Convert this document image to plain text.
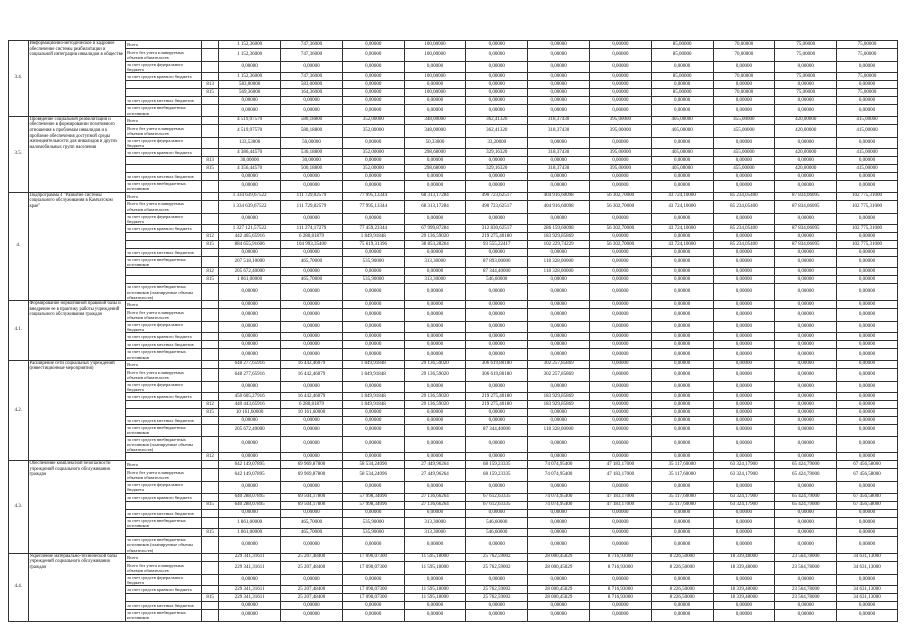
3.4.	Информационно-методическое и кадровое обеспечение системы реабилитации и социальной интеграции инвалидов в обществе	Всего		1 152,36000	747,36000	0,00000	100,00000	0,00000	0,00000	0,00000	85,00000	70,00000	75,00000	75,00000
		Всего без учета планируемых объемов обязательств		1 152,36000	747,36000	0,00000	100,00000	0,00000	0,00000	0,00000	85,00000	70,00000	75,00000	75,00000
		за счет средств федерального бюджета		0,00000	0,00000	0,00000	0,00000	0,00000	0,00000	0,00000	0,00000	0,00000	0,00000	0,00000
		за счет средств краевого бюджета		1 152,36000	747,36000	0,00000	100,00000	0,00000	0,00000	0,00000	85,00000	70,00000	75,00000	75,00000
			813	583,00000	583,00000	0,00000	0,00000	0,00000	0,00000	0,00000	0,00000	0,00000	0,00000	0,00000
			815	569,36000	164,36000	0,00000	100,00000	0,00000	0,00000	0,00000	85,00000	70,00000	75,00000	75,00000
		за счет средств местных бюджетов		0,00000	0,00000	0,00000	0,00000	0,00000	0,00000	0,00000	0,00000	0,00000	0,00000	0,00000
		за счет средств внебюджетных источников		0,00000	0,00000	0,00000	0,00000	0,00000	0,00000	0,00000	0,00000	0,00000	0,00000	0,00000
3.5.	Проведение социальной реабилитации и обеспечение в формировании позитивного отношения к проблемам инвалидов и к проблеме обеспечения доступной среды жизнедеятельности для инвалидов и других маломобильных групп населения	Всего		4 519,97570	580,18800	352,00000	348,00000	362,41320	318,37430	395,00000	405,00000	455,00000	420,00000	415,00000
		Всего без учета планируемых объемов обязательств		4 519,97570	580,18800	352,00000	348,00000	362,41320	318,37430	395,00000	405,00000	455,00000	420,00000	415,00000
		за счет средств федерального бюджета		133,53000	50,00000	0,00000	50,33000	33,20000	0,00000	0,00000	0,00000	0,00000	0,00000	0,00000
		за счет средств краевого бюджета		4 386,44570	530,18800	352,00000	298,68000	329,16320	318,37430	395,00000	405,00000	455,00000	420,00000	415,00000
			813	30,00000	30,00000	0,00000	0,00000	0,00000	0,00000	0,00000	0,00000	0,00000	0,00000	0,00000
			815	4 356,44570	500,18800	352,00000	298,68000	329,16320	318,37430	395,00000	405,00000	455,00000	420,00000	415,00000
		за счет средств местных бюджетов		0,00000	0,00000	0,00000	0,00000	0,00000	0,00000	0,00000	0,00000	0,00000	0,00000	0,00000
		за счет средств внебюджетных источников		0,00000	0,00000	0,00000	0,00000	0,00000	0,00000	0,00000	0,00000	0,00000	0,00000	0,00000
4.	Подпрограмма 4 "Развитие системы социального обслуживания в Камчатском крае"	Всего		1 334 639,67522	111 729,02579	77 995,13344	68 313,17284	490 723,62517	404 916,60098	56 302,70000	43 724,10000	85 234,05400	87 834,06095	102 775,31000
		Всего без учета планируемых объемов обязательств		1 334 639,67522	111 729,02579	77 995,13344	68 313,17284	490 723,62517	404 916,60098	56 302,70000	43 724,10000	85 234,05400	87 834,06095	102 775,31000
		за счет средств федерального бюджета		0,00000	0,00000	0,00000	0,00000	0,00000	0,00000	0,00000	0,00000	0,00000	0,00000	0,00000
		за счет средств краевого бюджета		1 327 121,57522	111 274,17279	77 459,23344	67 999,87284	312 830,62517	286 159,60098	56 302,70000	43 724,10000	85 234,05400	87 834,06095	102 775,31000
			812	442 465,65916	6 280,81879	1 849,91848	29 136,59020	219 275,40180	183 929,85869	0,00000	0,00000	0,00000	0,00000	0,00000
			815	884 655,91606	104 993,35400	75 619,31396	38 853,28264	93 555,22417	102 229,74229	56 302,70000	43 724,10000	85 234,05400	87 834,06095	102 775,31000
		за счет средств местных бюджетов		0,00000	0,00000	0,00000	0,00000	0,00000	0,00000	0,00000	0,00000	0,00000	0,00000	0,00000
		за счет средств внебюджетных источников		207 518,10000	465,70000	535,90000	313,30000	87 893,00000	118 328,00000	0,00000	0,00000	0,00000	0,00000	0,00000
			812	205 672,40000	0,00000	0,00000	0,00000	87 344,40000	118 328,00000	0,00000	0,00000	0,00000	0,00000	0,00000
			815	1 861,00000	465,70000	535,90000	313,30000	546,60000	0,00000	0,00000	0,00000	0,00000	0,00000	0,00000
		за счет средств внебюджетных источников (планируемые объемы обязательств)		0,00000	0,00000	0,00000	0,00000	0,00000	0,00000	0,00000	0,00000	0,00000	0,00000	0,00000
4.1.	Формирование нормативной правовой базы и внедрение ее в практику работы учреждений социального обслуживания граждан	Всего		0,00000	0,00000	0,00000	0,00000	0,00000	0,00000	0,00000	0,00000	0,00000	0,00000	0,00000
		Всего без учета планируемых объемов обязательств		0,00000	0,00000	0,00000	0,00000	0,00000	0,00000	0,00000	0,00000	0,00000	0,00000	0,00000
		за счет средств федерального бюджета		0,00000	0,00000	0,00000	0,00000	0,00000	0,00000	0,00000	0,00000	0,00000	0,00000	0,00000
		за счет средств краевого бюджета		0,00000	0,00000	0,00000	0,00000	0,00000	0,00000	0,00000	0,00000	0,00000	0,00000	0,00000
		за счет средств местных бюджетов		0,00000	0,00000	0,00000	0,00000	0,00000	0,00000	0,00000	0,00000	0,00000	0,00000	0,00000
		за счет средств внебюджетных источников		0,00000	0,00000	0,00000	0,00000	0,00000	0,00000	0,00000	0,00000	0,00000	0,00000	0,00000
4.2.	Расширение сети социальных учреждений (инвестиционные мероприятия)	Всего		648 277,65916	16 442,46079	1 849,91848	29 136,59020	306 619,80180	302 257,85869	0,00000	0,00000	0,00000	0,00000	0,00000
		Всего без учета планируемых объемов обязательств		648 277,65916	16 442,46079	1 849,91848	29 136,59020	306 619,80180	302 257,85869	0,00000	0,00000	0,00000	0,00000	0,00000
		за счет средств федерального бюджета		0,00000	0,00000	0,00000	0,00000	0,00000	0,00000	0,00000	0,00000	0,00000	0,00000	0,00000
		за счет средств краевого бюджета		450 605,27916	16 442,46079	1 849,91848	29 136,59020	219 275,40180	183 929,85869	0,00000	0,00000	0,00000	0,00000	0,00000
			812	440 443,65916	6 280,81879	1 849,91848	29 136,59020	219 275,40180	183 929,85869	0,00000	0,00000	0,00000	0,00000	0,00000
			815	10 161,60000	10 161,60000	0,00000	0,00000	0,00000	0,00000	0,00000	0,00000	0,00000	0,00000	0,00000
		за счет средств местных бюджетов		0,00000	0,00000	0,00000	0,00000	0,00000	0,00000	0,00000	0,00000	0,00000	0,00000	0,00000
		за счет средств внебюджетных источников		205 672,40000	0,00000	0,00000	0,00000	87 344,40000	118 328,00000	0,00000	0,00000	0,00000	0,00000	0,00000
		за счет средств внебюджетных источников (планируемые объемы обязательств)		0,00000	0,00000	0,00000	0,00000	0,00000	0,00000	0,00000	0,00000	0,00000	0,00000	0,00000
			812	0,00000	0,00000	0,00000	0,00000	0,00000	0,00000	0,00000	0,00000	0,00000	0,00000	0,00000
4.3.	Обеспечение комплексной безопасности учреждений социального обслуживания граждан	Всего		642 149,07895	69 969,87800	58 534,24096	27 449,96264	68 159,23335	74 074,95400	47 183,17000	35 117,60000	63 324,17900	65 424,79000	67 456,58000
		Всего без учета планируемых объемов обязательств		642 149,07895	69 969,87800	58 534,24096	27 449,96264	68 159,23335	74 074,95400	47 183,17000	35 117,60000	63 324,17900	65 424,79000	67 456,58000
		за счет средств федерального бюджета		0,00000	0,00000	0,00000	0,00000	0,00000	0,00000	0,00000	0,00000	0,00000	0,00000	0,00000
		за счет средств краевого бюджета		640 288,07895	69 504,17800	57 998,34096	27 136,66264	67 612,63335	74 074,95400	47 183,17000	35 117,60000	63 324,17900	65 424,79000	67 456,58000
			815	640 288,07895	69 504,17800	57 998,34096	27 136,66264	67 612,63335	74 074,95400	47 183,17000	35 117,60000	63 324,17900	65 424,79000	67 456,58000
		за счет средств местных бюджетов		0,00000	0,00000	0,00000	0,00000	0,00000	0,00000	0,00000	0,00000	0,00000	0,00000	0,00000
		за счет средств внебюджетных источников		1 861,00000	465,70000	535,90000	313,30000	546,60000	0,00000	0,00000	0,00000	0,00000	0,00000	0,00000
			815	1 861,00000	465,70000	535,90000	313,30000	546,60000	0,00000	0,00000	0,00000	0,00000	0,00000	0,00000
		за счет средств внебюджетных источников (планируемые объемы обязательств)		0,00000	0,00000	0,00000	0,00000	0,00000	0,00000	0,00000	0,00000	0,00000	0,00000	0,00000
4.4.	Укрепление материально-технической базы учреждений социального обслуживания граждан	Всего		229 341,31611	25 207,48400	17 090,07300	11 595,18000	25 762,59002	28 000,45829	8 716,93000	8 226,50000	18 339,48000	23 564,78000	34 631,13000
		Всего без учета планируемых объемов обязательств		229 341,31611	25 207,48400	17 090,07300	11 595,18000	25 762,59002	28 000,45829	8 716,93000	8 226,50000	18 339,48000	23 564,78000	34 631,13000
		за счет средств федерального бюджета		0,00000	0,00000	0,00000	0,00000	0,00000	0,00000	0,00000	0,00000	0,00000	0,00000	0,00000
		за счет средств краевого бюджета		229 341,31611	25 207,48400	17 090,07300	11 595,18000	25 762,59002	28 000,45829	8 716,93000	8 226,50000	18 339,48000	23 564,78000	34 631,13000
			815	229 341,31611	25 207,48400	17 090,07300	11 595,18000	25 762,59002	28 000,45829	8 716,93000	8 226,50000	18 339,48000	23 564,78000	34 631,13000
		за счет средств местных бюджетов		0,00000	0,00000	0,00000	0,00000	0,00000	0,00000	0,00000	0,00000	0,00000	0,00000	0,00000
		за счет средств внебюджетных источников		0,00000	0,00000	0,00000	0,00000	0,00000	0,00000	0,00000	0,00000	0,00000	0,00000	0,00000
